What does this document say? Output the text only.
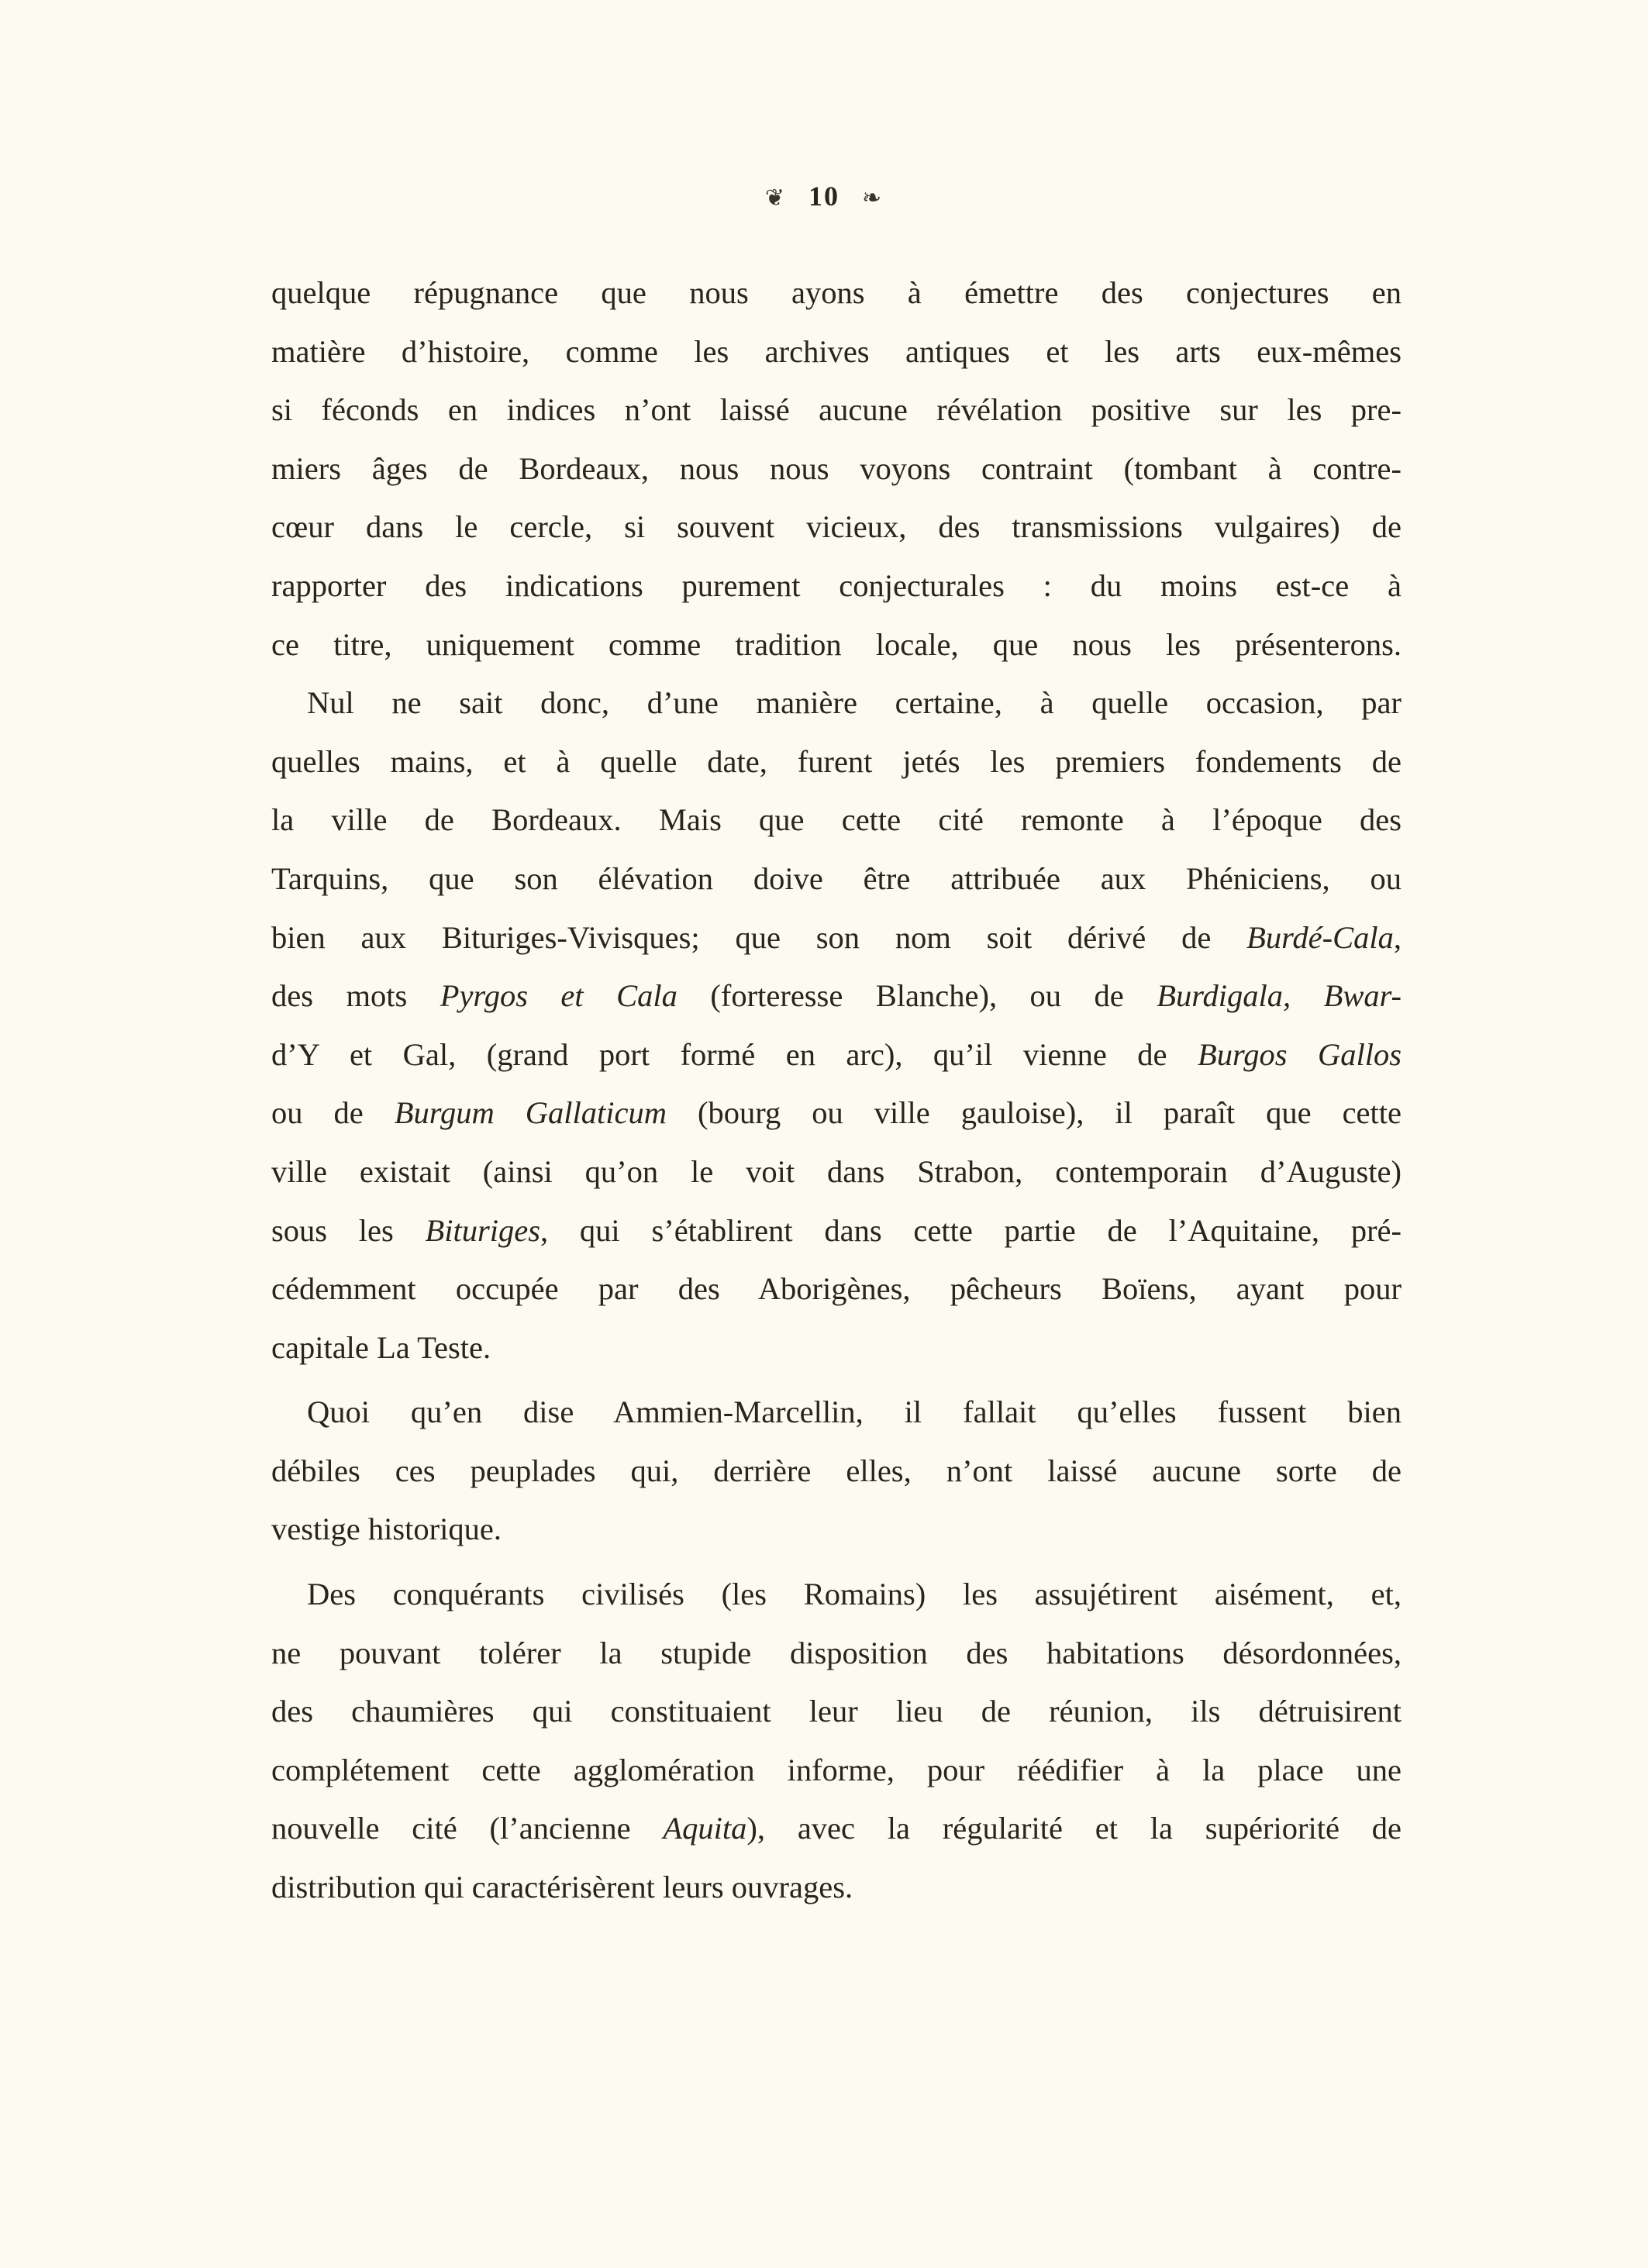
❦ 10 ❧
quelque répugnance que nous ayons à émettre des conjectures en
matière d’histoire, comme les archives antiques et les arts eux-mêmes
si féconds en indices n’ont laissé aucune révélation positive sur les pre-
miers âges de Bordeaux, nous nous voyons contraint (tombant à contre-
cœur dans le cercle, si souvent vicieux, des transmissions vulgaires) de
rapporter des indications purement conjecturales : du moins est-ce à
ce titre, uniquement comme tradition locale, que nous les présenterons.
Nul ne sait donc, d’une manière certaine, à quelle occasion, par
quelles mains, et à quelle date, furent jetés les premiers fondements de
la ville de Bordeaux. Mais que cette cité remonte à l’époque des
Tarquins, que son élévation doive être attribuée aux Phéniciens, ou
bien aux Bituriges-Vivisques; que son nom soit dérivé de Burdé-Cala,
des mots Pyrgos et Cala (forteresse Blanche), ou de Burdigala, Bwar-
d’Y et Gal, (grand port formé en arc), qu’il vienne de Burgos Gallos
ou de Burgum Gallaticum (bourg ou ville gauloise), il paraît que cette
ville existait (ainsi qu’on le voit dans Strabon, contemporain d’Auguste)
sous les Bituriges, qui s’établirent dans cette partie de l’Aquitaine, pré-
cédemment occupée par des Aborigènes, pêcheurs Boïens, ayant pour
capitale La Teste.
Quoi qu’en dise Ammien-Marcellin, il fallait qu’elles fussent bien
débiles ces peuplades qui, derrière elles, n’ont laissé aucune sorte de
vestige historique.
Des conquérants civilisés (les Romains) les assujétirent aisément, et,
ne pouvant tolérer la stupide disposition des habitations désordonnées,
des chaumières qui constituaient leur lieu de réunion, ils détruisirent
complétement cette agglomération informe, pour réédifier à la place une
nouvelle cité (l’ancienne Aquita), avec la régularité et la supériorité de
distribution qui caractérisèrent leurs ouvrages.
